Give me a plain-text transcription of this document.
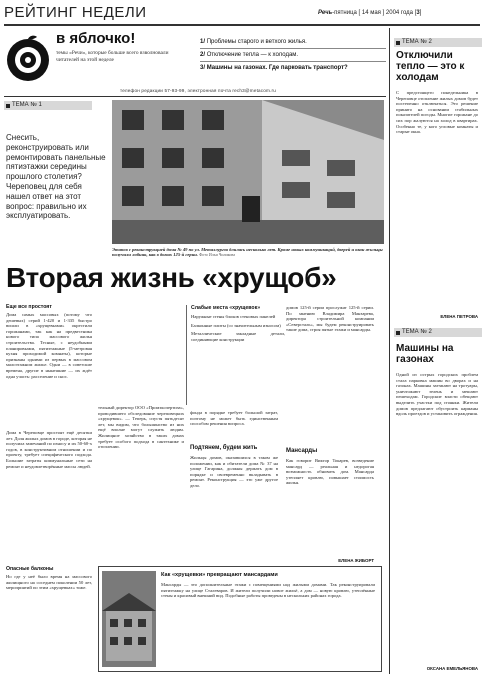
РЕЙТИНГ НЕДЕЛИ	Речь-пятница [ 14 мая ] 2004 года [3]
в яблочко!
темы «Речи», которые больше всего взволновали читателей на этой неделе
1/ Проблемы старого и ветхого жилья.
2/ Отключение тепла — к холодам.
3/ Машины на газонах. Где парковать транспорт?
телефон редакции 57-93-99, электронная почта rech3@metacom.ru
ТЕМА № 1
Снесить, реконструировать или ремонтировать панельные пятиэтажки середины прошлого столетия? Череповец для себя нашел ответ на этот вопрос: правильно их эксплуатировать.
Этапов с реконструкцией дома № 49 по ул. Металлургов длилась несколько лет. Кроме новых коммуникаций, дверей и окон жильцы получили лобник, как в домах 125-й серии. Фото Ильи Чиликова
Вторая жизнь «хрущоб»
Еще все простоят
Дома самых массовых (потому что дешевых) серий 1-420 и 1-335 быстро вошли в «хрущевками» окрестили горожанами, так как на предвестника нового типа массового жилья строительства. Тесные, с неудобными планировками, пятиэтажные (5-метровая кухня проходимой комнаты), которые признаны одними из первых в массовом малоэтажном жилье. Одни — в советские времена, другие в нынешние — их ждёт одна участь: расселение и снос.
Дома в Череповце простоят ещё десятки лет. Доля жилых домов в городе, которая не получила замечаний по износу и их 50-60-х годов, в конструктивном отношении и по проекту, требует специфического подхода. Большие затраты коммунальные сети на ремонт и неудовлетворённые массы людей.
Опасные балконы
Но где у неё было время на массового жилищного на соседнем поколении 50 лет, мероприятий по этим «хрущевках» тоже.
тельный директор ООО «Промэкспертиза», проводившего обследование череповецких «хрущевок». — Теперь, спустя пятьдесят лет, мы видим, что большинство из них ещё вполне могут служить людям. Жилищное хозяйство в таких домах требует особого подхода в сантехнике и отоплении.
Слабые места «хрущевок»
Наружные стены блоков стеновых панелей
Балконные плиты (со значительным износом)
Металлические закладные детали, соединяющие конструкции
фонда в порядке требует большой затрат, поэтому не может быть единственным способом решения вопроса.
Подтянем, будем жить
Жильцы домов, оказавшихся в таком же положении, как и обитатели дома № 37 на улице Гагарина, должны держать дом в порядке и своевременно вкладывать в ремонт. Реконструкция — это уже другое дело.
домов 125-й серии прослужат 125-й серии. По мнению Владимира Манзарева, директора строительной компании «Северсталь», мы будем реконструировать такие дома, строя пятые этажи и мансарды.
Мансарды
Как говорит Виктор Токарев, возведение мансард — реальная и недорогая возможность обновить дом. Мансарда утепляет кровлю, повышает стоимость жилья.
ЕЛЕНА ЖИБОРТ
Как «хрущевки» превращают мансардами
Мансарды — это дополнительные этажи с помещениями над жилыми домами. Так реконструировали пятиэтажку на улице Сталеваров. И жители получили новое жильё, а дом — новую кровлю, утеплённые стены и красивый внешний вид. Подобные работы проведены в нескольких районах города.
ТЕМА № 2
Отключили тепло — это к холодам
С предстоящего понедельника в Череповце отопление жилых домов будет постепенно отключаться. Это решение принято на основании стабильных показателей погоды. Многие горожане до сих пор жалуются на холод в квартирах. Особенно те, у кого угловые комнаты и старые окна.
ЕЛЕНА ПЕТРОВА
ТЕМА № 2
Машины на газонах
Одной из острых городских проблем стала парковка машин во дворах и на газонах. Машины заезжают на тротуары, уничтожают зелень и мешают пешеходам. Городские власти обещают выделить участки под стоянки. Жители домов предлагают обустроить карманы вдоль проездов и установить ограждения.
ОКСАНА ЕМЕЛЬЯНОВА
